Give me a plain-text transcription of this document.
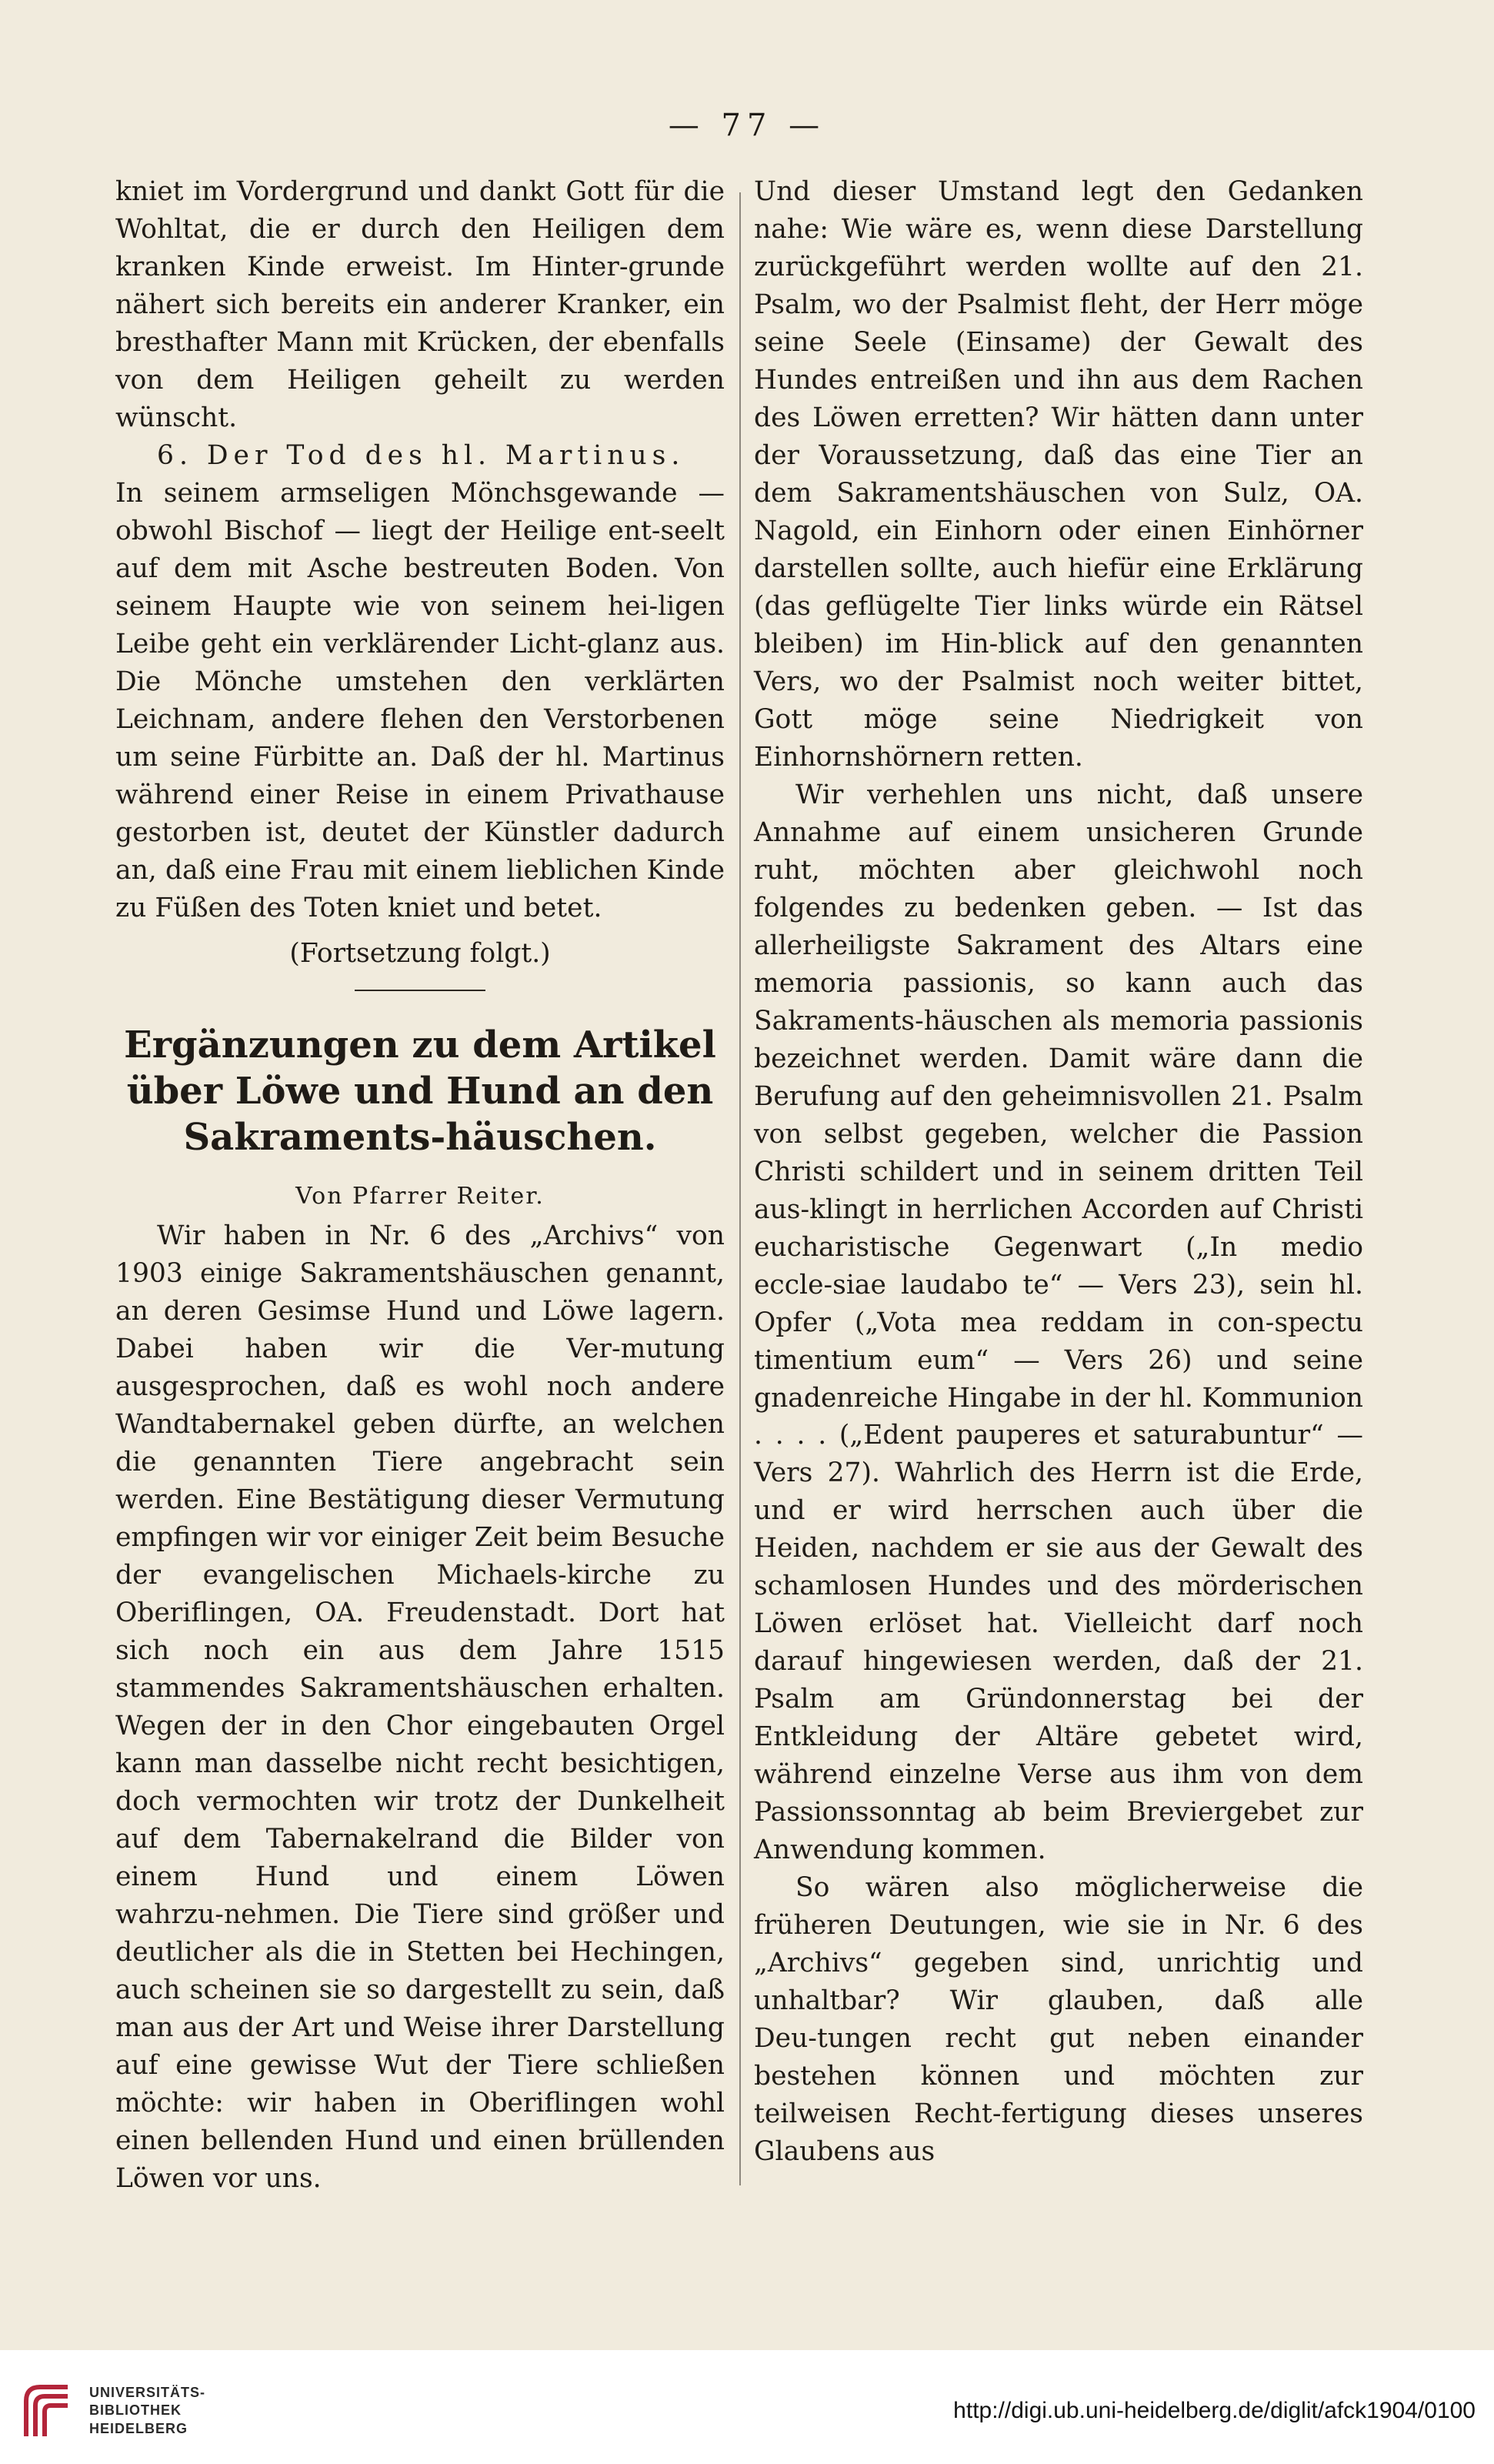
— 77 —

kniet im Vordergrund und dankt Gott für die Wohltat, die er durch den Heiligen dem kranken Kinde erweist. Im Hinter‑grunde nähert sich bereits ein anderer Kranker, ein bresthafter Mann mit Krücken, der ebenfalls von dem Heiligen geheilt zu werden wünscht.

6. Der Tod des hl. Martinus.

In seinem armseligen Mönchsgewande — obwohl Bischof — liegt der Heilige ent‑seelt auf dem mit Asche bestreuten Boden. Von seinem Haupte wie von seinem hei‑ligen Leibe geht ein verklärender Licht‑glanz aus. Die Mönche umstehen den verklärten Leichnam, andere flehen den Verstorbenen um seine Fürbitte an. Daß der hl. Martinus während einer Reise in einem Privathause gestorben ist, deutet der Künstler dadurch an, daß eine Frau mit einem lieblichen Kinde zu Füßen des Toten kniet und betet.

(Fortsetzung folgt.)

Ergänzungen zu dem Artikel über Löwe und Hund an den Sakraments‑häuschen.

Von Pfarrer Reiter.

Wir haben in Nr. 6 des „Archivs“ von 1903 einige Sakramentshäuschen genannt, an deren Gesimse Hund und Löwe lagern. Dabei haben wir die Ver‑mutung ausgesprochen, daß es wohl noch andere Wandtabernakel geben dürfte, an welchen die genannten Tiere angebracht sein werden. Eine Bestätigung dieser Vermutung empfingen wir vor einiger Zeit beim Besuche der evangelischen Michaels‑kirche zu Oberiflingen, OA. Freudenstadt. Dort hat sich noch ein aus dem Jahre 1515 stammendes Sakramentshäuschen erhalten. Wegen der in den Chor eingebauten Orgel kann man dasselbe nicht recht besichtigen, doch vermochten wir trotz der Dunkelheit auf dem Tabernakelrand die Bilder von einem Hund und einem Löwen wahrzu‑nehmen. Die Tiere sind größer und deutlicher als die in Stetten bei Hechingen, auch scheinen sie so dargestellt zu sein, daß man aus der Art und Weise ihrer Darstellung auf eine gewisse Wut der Tiere schließen möchte: wir haben in Oberiflingen wohl einen bellenden Hund und einen brüllenden Löwen vor uns.

Und dieser Umstand legt den Gedanken nahe: Wie wäre es, wenn diese Darstellung zurückgeführt werden wollte auf den 21. Psalm, wo der Psalmist fleht, der Herr möge seine Seele (Einsame) der Gewalt des Hundes entreißen und ihn aus dem Rachen des Löwen erretten? Wir hätten dann unter der Voraussetzung, daß das eine Tier an dem Sakramentshäuschen von Sulz, OA. Nagold, ein Einhorn oder einen Einhörner darstellen sollte, auch hiefür eine Erklärung (das geflügelte Tier links würde ein Rätsel bleiben) im Hin‑blick auf den genannten Vers, wo der Psalmist noch weiter bittet, Gott möge seine Niedrigkeit von Einhornshörnern retten.

Wir verhehlen uns nicht, daß unsere Annahme auf einem unsicheren Grunde ruht, möchten aber gleichwohl noch folgendes zu bedenken geben. — Ist das allerheiligste Sakrament des Altars eine memoria passionis, so kann auch das Sakraments‑häuschen als memoria passionis bezeichnet werden. Damit wäre dann die Berufung auf den geheimnisvollen 21. Psalm von selbst gegeben, welcher die Passion Christi schildert und in seinem dritten Teil aus‑klingt in herrlichen Accorden auf Christi eucharistische Gegenwart („In medio eccle‑siae laudabo te“ — Vers 23), sein hl. Opfer („Vota mea reddam in con‑spectu timentium eum“ — Vers 26) und seine gnadenreiche Hingabe in der hl. Kommunion . . . . („Edent pauperes et saturabuntur“ — Vers 27). Wahrlich des Herrn ist die Erde, und er wird herrschen auch über die Heiden, nachdem er sie aus der Gewalt des schamlosen Hundes und des mörderischen Löwen erlöset hat. Vielleicht darf noch darauf hingewiesen werden, daß der 21. Psalm am Gründonnerstag bei der Entkleidung der Altäre gebetet wird, während einzelne Verse aus ihm von dem Passionssonntag ab beim Breviergebet zur Anwendung kommen.

So wären also möglicherweise die früheren Deutungen, wie sie in Nr. 6 des „Archivs“ gegeben sind, unrichtig und unhaltbar? Wir glauben, daß alle Deu‑tungen recht gut neben einander bestehen können und möchten zur teilweisen Recht‑fertigung dieses unseres Glaubens aus

UNIVERSITÄTS-
BIBLIOTHEK
HEIDELBERG
http://digi.ub.uni-heidelberg.de/diglit/afck1904/0100
